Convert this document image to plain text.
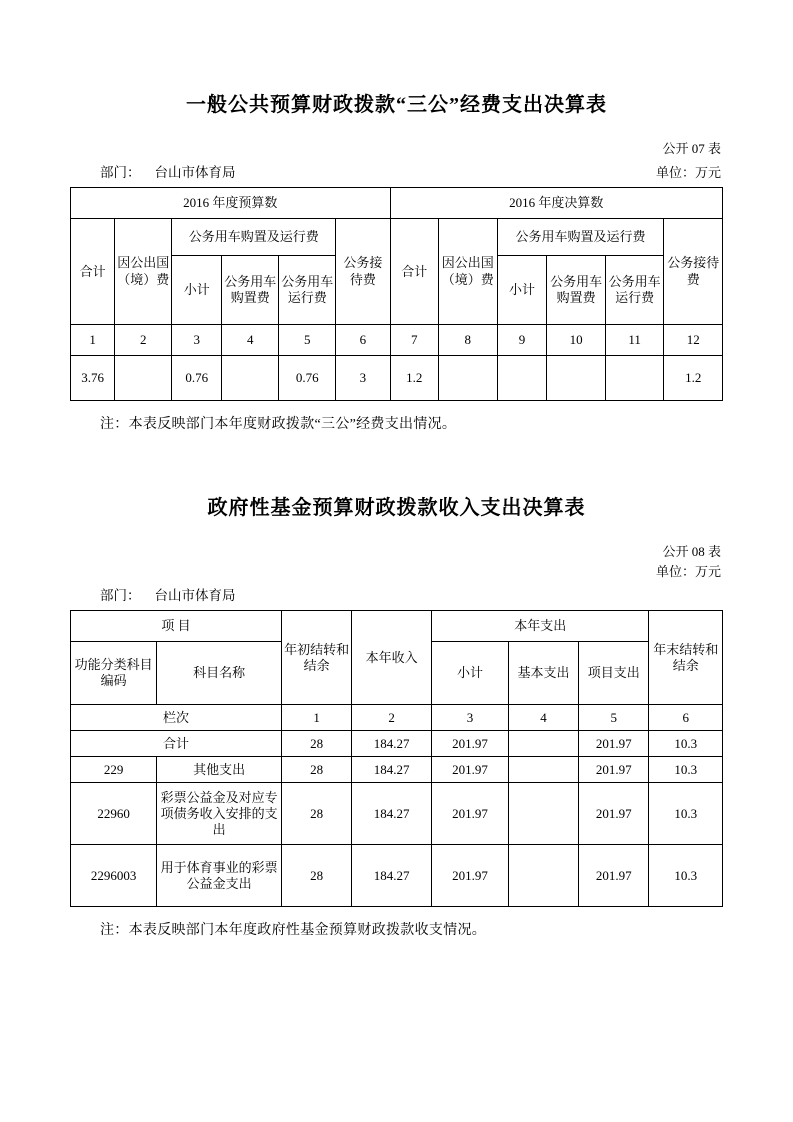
一般公共预算财政拨款“三公”经费支出决算表
公开 07 表
部门： 台山市体育局	单位：万元
2016 年度预算数						2016 年度决算数					
合计	因公出国（境）费	公务用车购置及运行费			公务接待费	合计	因公出国（境）费	公务用车购置及运行费			公务接待费
		小计	公务用车购置费	公务用车运行费				小计	公务用车购置费	公务用车运行费	

1	2	3	4	5	6	7	8	9	10	11	12
3.76		0.76		0.76	3	1.2					1.2
注：本表反映部门本年度财政拨款“三公”经费支出情况。
政府性基金预算财政拨款收入支出决算表
公开 08 表
单位：万元
部门： 台山市体育局
项 目		年初结转和结余	本年收入	本年支出			年末结转和结余
功能分类科目编码	科目名称			小计	基本支出	项目支出	
栏次		1	2	3	4	5	6
合计		28	184.27	201.97		201.97	10.3
229	其他支出	28	184.27	201.97		201.97	10.3
22960	彩票公益金及对应专项债务收入安排的支出	28	184.27	201.97		201.97	10.3
2296003	用于体育事业的彩票公益金支出	28	184.27	201.97		201.97	10.3
注：本表反映部门本年度政府性基金预算财政拨款收支情况。
